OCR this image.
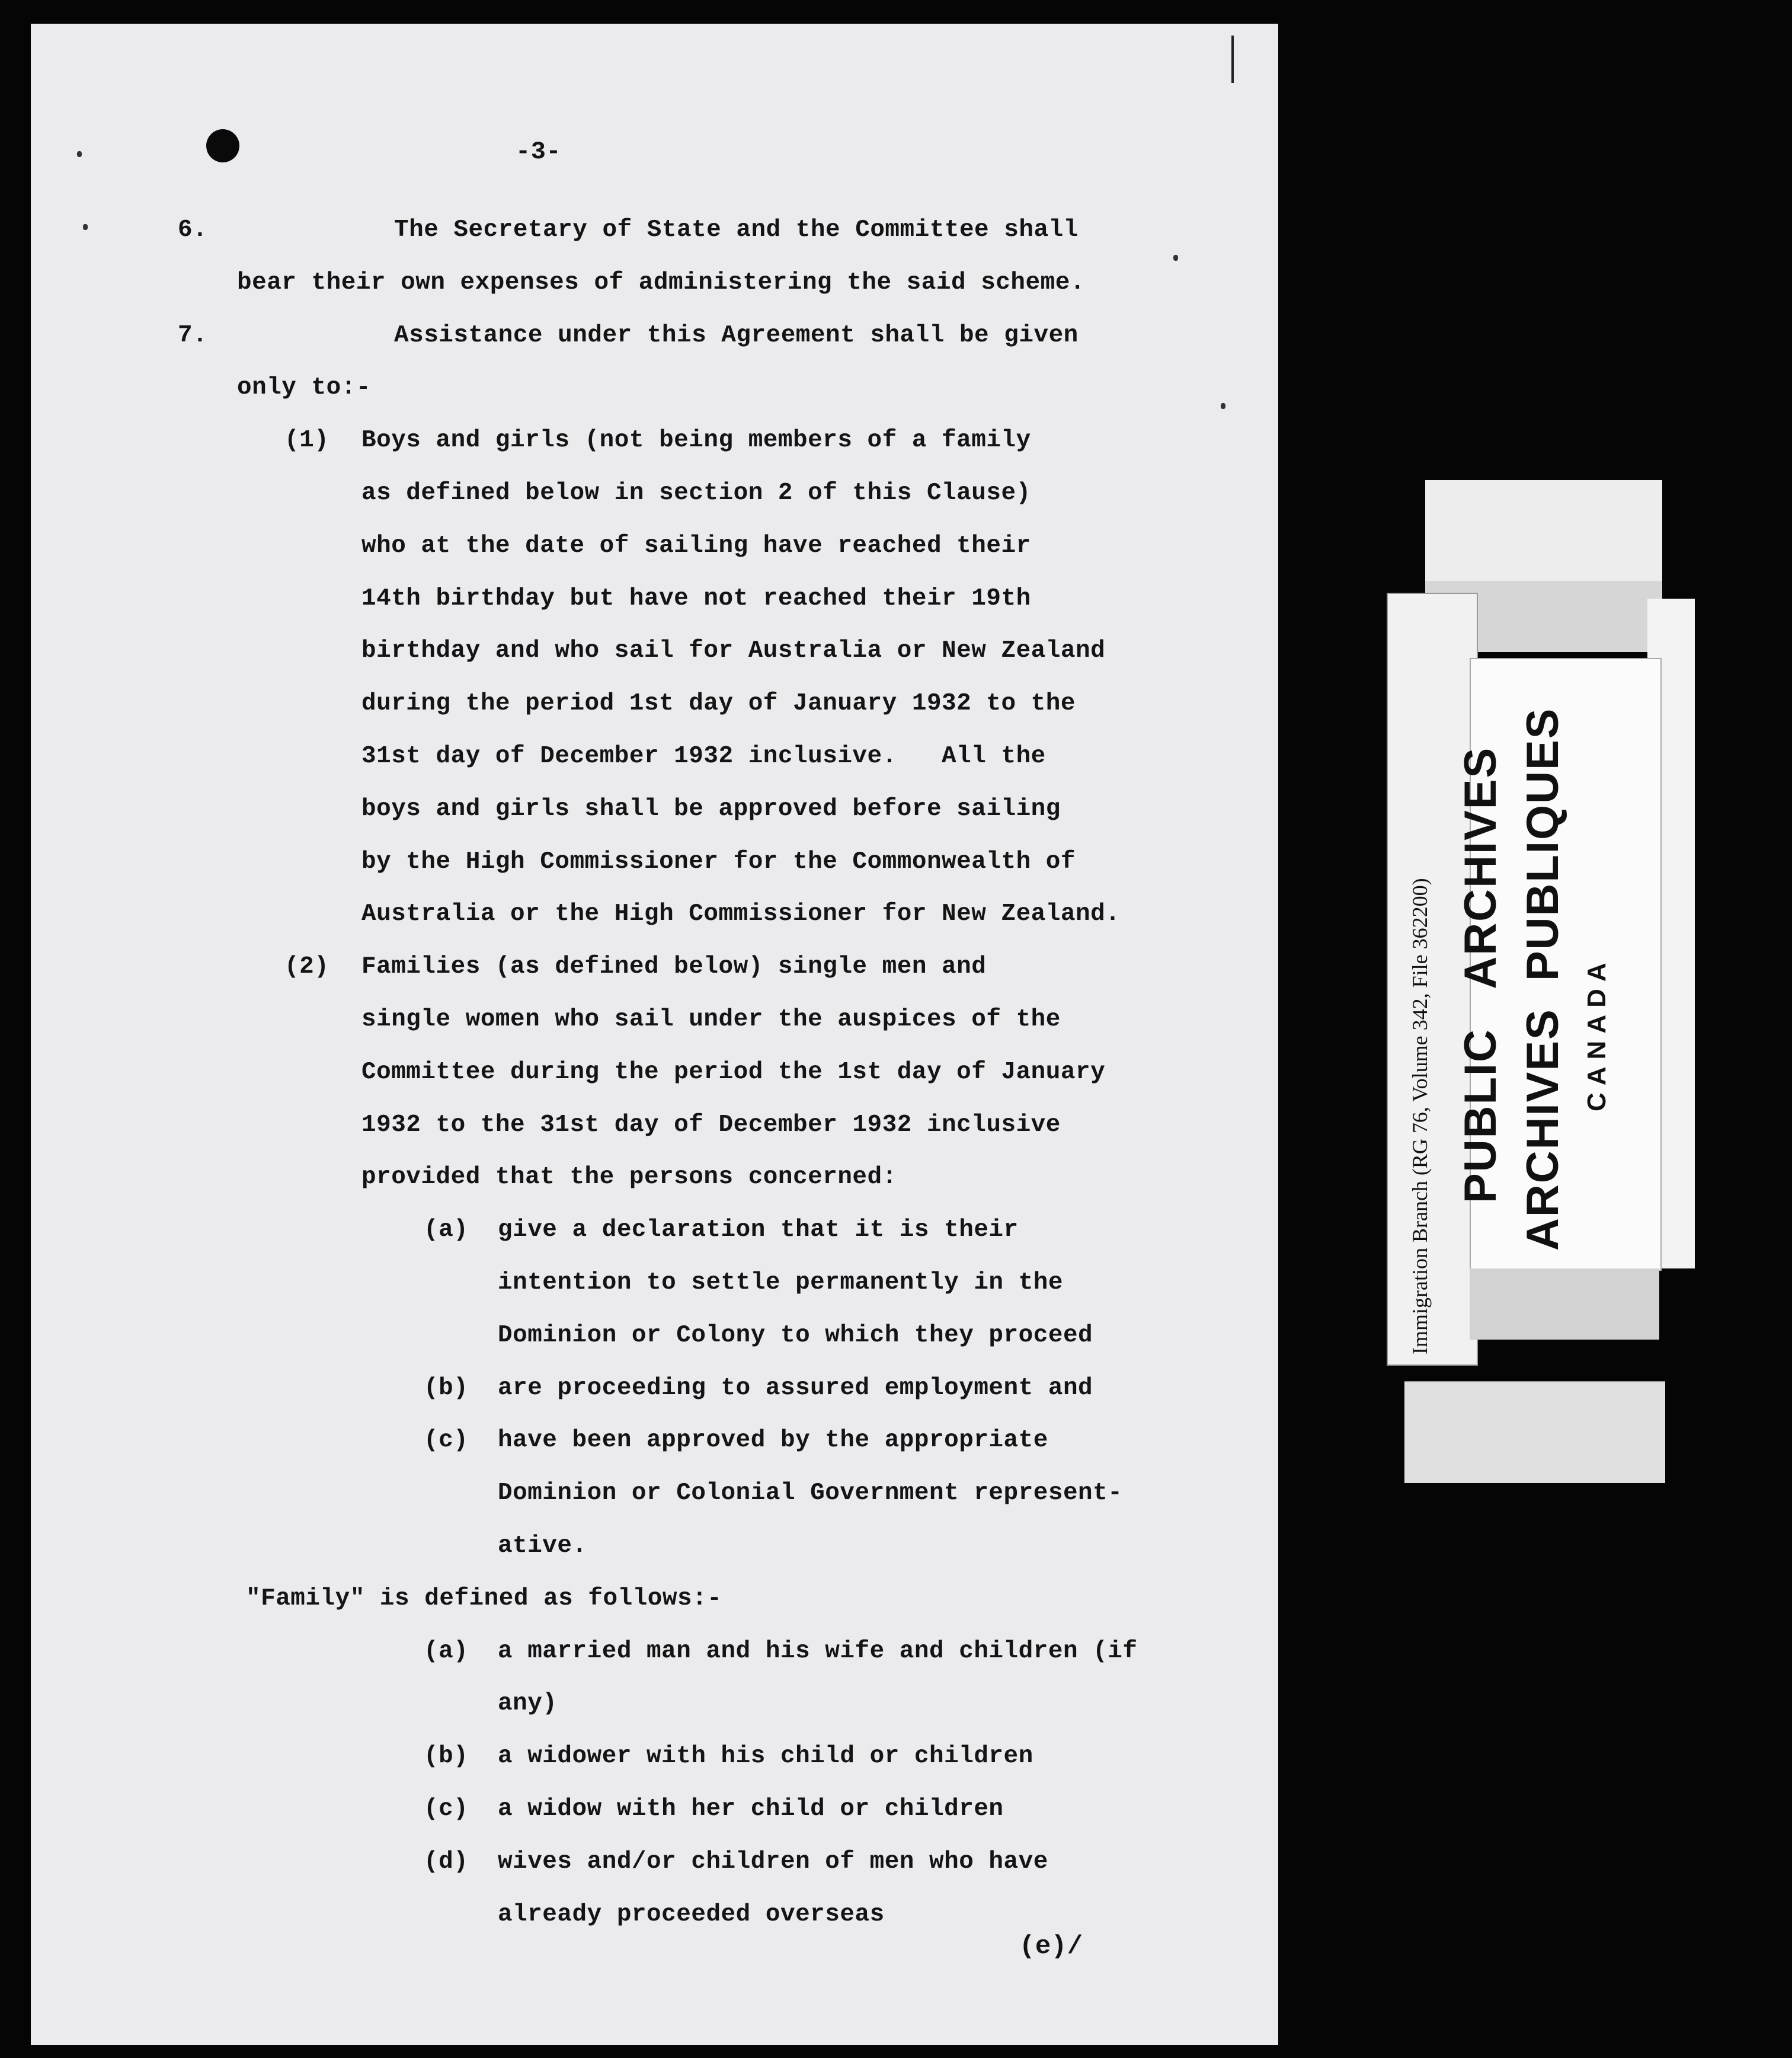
-3-
6.	The Secretary of State and the Committee shall
bear their own expenses of administering the said scheme.
7.	Assistance under this Agreement shall be given
only to:-
(1) Boys and girls (not being members of a family
as defined below in section 2 of this Clause)
who at the date of sailing have reached their
14th birthday but have not reached their 19th
birthday and who sail for Australia or New Zealand
during the period 1st day of January 1932 to the
31st day of December 1932 inclusive.   All the
boys and girls shall be approved before sailing
by the High Commissioner for the Commonwealth of
Australia or the High Commissioner for New Zealand.
(2) Families (as defined below) single men and
single women who sail under the auspices of the
Committee during the period the 1st day of January
1932 to the 31st day of December 1932 inclusive
provided that the persons concerned:
(a) give a declaration that it is their
intention to settle permanently in the
Dominion or Colony to which they proceed
(b) are proceeding to assured employment and
(c) have been approved by the appropriate
Dominion or Colonial Government represent-
ative.
"Family" is defined as follows:-
(a) a married man and his wife and children (if
any)
(b) a widower with his child or children
(c) a widow with her child or children
(d) wives and/or children of men who have
already proceeded overseas
(e)/
Immigration Branch (RG 76, Volume 342, File 362200) PUBLIC   ARCHIVES ARCHIVES  PUBLIQUES CANADA
